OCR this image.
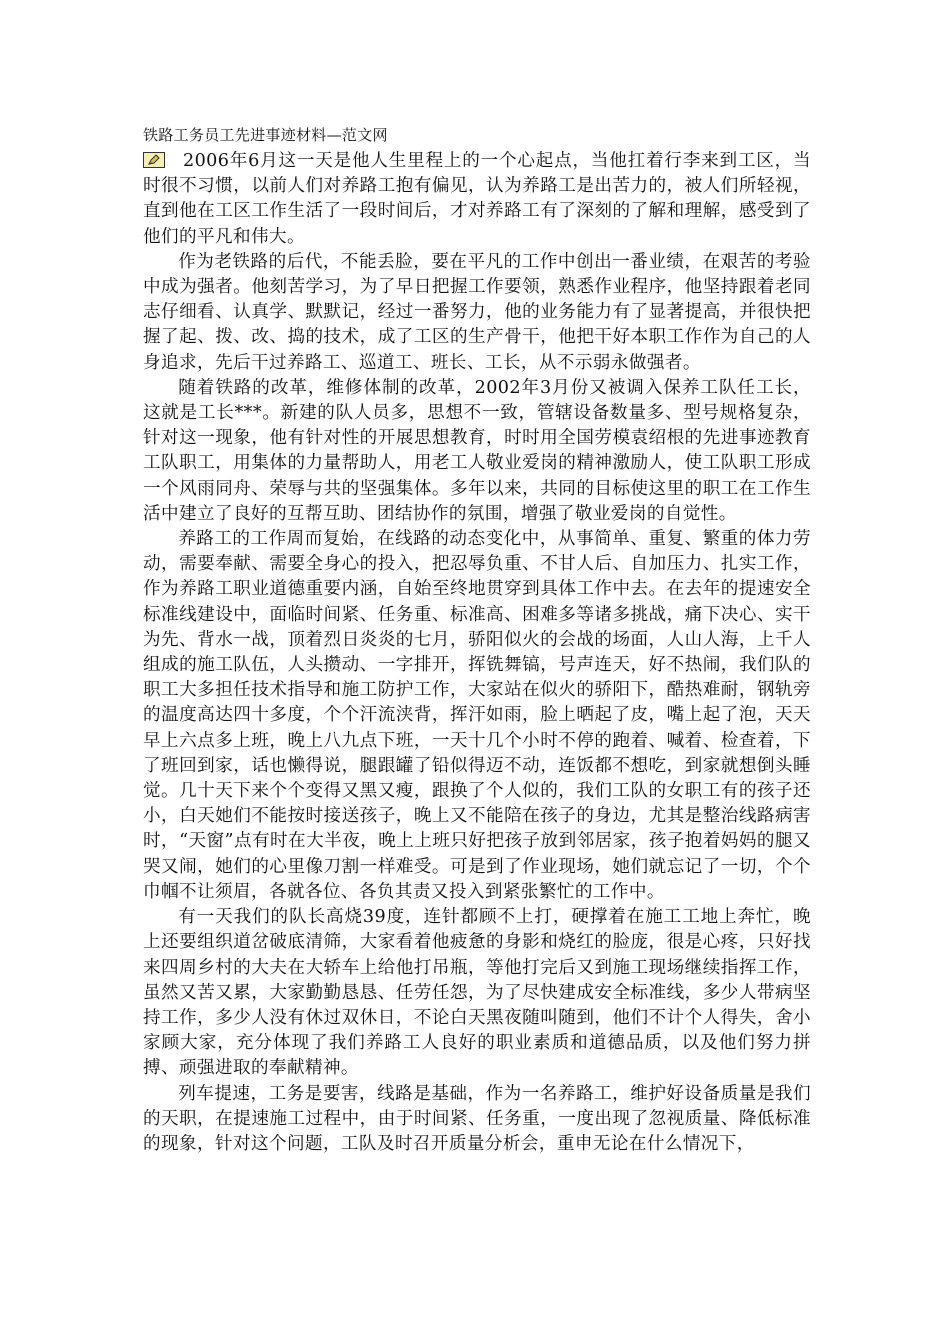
铁路工务员工先进事迹材料—范文网

2006年6月这一天是他人生里程上的一个心起点，当他扛着行李来到工区，当时很不习惯，以前人们对养路工抱有偏见，认为养路工是出苦力的，被人们所轻视，直到他在工区工作生活了一段时间后，才对养路工有了深刻的了解和理解，感受到了他们的平凡和伟大。

作为老铁路的后代，不能丢脸，要在平凡的工作中创出一番业绩，在艰苦的考验中成为强者。他刻苦学习，为了早日把握工作要领，熟悉作业程序，他坚持跟着老同志仔细看、认真学、默默记，经过一番努力，他的业务能力有了显著提高，并很快把握了起、拨、改、捣的技术，成了工区的生产骨干，他把干好本职工作作为自己的人身追求，先后干过养路工、巡道工、班长、工长，从不示弱永做强者。

随着铁路的改革，维修体制的改革，2002年3月份又被调入保养工队任工长，这就是工长***。新建的队人员多，思想不一致，管辖设备数量多、型号规格复杂，针对这一现象，他有针对性的开展思想教育，时时用全国劳模袁绍根的先进事迹教育工队职工，用集体的力量帮助人，用老工人敬业爱岗的精神激励人，使工队职工形成一个风雨同舟、荣辱与共的坚强集体。多年以来，共同的目标使这里的职工在工作生活中建立了良好的互帮互助、团结协作的氛围，增强了敬业爱岗的自觉性。

养路工的工作周而复始，在线路的动态变化中，从事简单、重复、繁重的体力劳动，需要奉献、需要全身心的投入，把忍辱负重、不甘人后、自加压力、扎实工作，作为养路工职业道德重要内涵，自始至终地贯穿到具体工作中去。在去年的提速安全标准线建设中，面临时间紧、任务重、标准高、困难多等诸多挑战，痛下决心、实干为先、背水一战，顶着烈日炎炎的七月，骄阳似火的会战的场面，人山人海，上千人组成的施工队伍，人头攒动、一字排开，挥铣舞镐，号声连天，好不热闹，我们队的职工大多担任技术指导和施工防护工作，大家站在似火的骄阳下，酷热难耐，钢轨旁的温度高达四十多度，个个汗流浃背，挥汗如雨，脸上晒起了皮，嘴上起了泡，天天早上六点多上班，晚上八九点下班，一天十几个小时不停的跑着、喊着、检查着，下了班回到家，话也懒得说，腿跟罐了铅似得迈不动，连饭都不想吃，到家就想倒头睡觉。几十天下来个个变得又黑又瘦，跟换了个人似的，我们工队的女职工有的孩子还小，白天她们不能按时接送孩子，晚上又不能陪在孩子的身边，尤其是整治线路病害时，“天窗”点有时在大半夜，晚上上班只好把孩子放到邻居家，孩子抱着妈妈的腿又哭又闹，她们的心里像刀割一样难受。可是到了作业现场，她们就忘记了一切，个个巾帼不让须眉，各就各位、各负其责又投入到紧张繁忙的工作中。

有一天我们的队长高烧39度，连针都顾不上打，硬撑着在施工工地上奔忙，晚上还要组织道岔破底清筛，大家看着他疲惫的身影和烧红的脸庞，很是心疼，只好找来四周乡村的大夫在大轿车上给他打吊瓶，等他打完后又到施工现场继续指挥工作，虽然又苦又累，大家勤勤恳恳、任劳任怨，为了尽快建成安全标准线，多少人带病坚持工作，多少人没有休过双休日，不论白天黑夜随叫随到，他们不计个人得失，舍小家顾大家，充分体现了我们养路工人良好的职业素质和道德品质，以及他们努力拼搏、顽强进取的奉献精神。

列车提速，工务是要害，线路是基础，作为一名养路工，维护好设备质量是我们的天职，在提速施工过程中，由于时间紧、任务重，一度出现了忽视质量、降低标准的现象，针对这个问题，工队及时召开质量分析会，重申无论在什么情况下，
